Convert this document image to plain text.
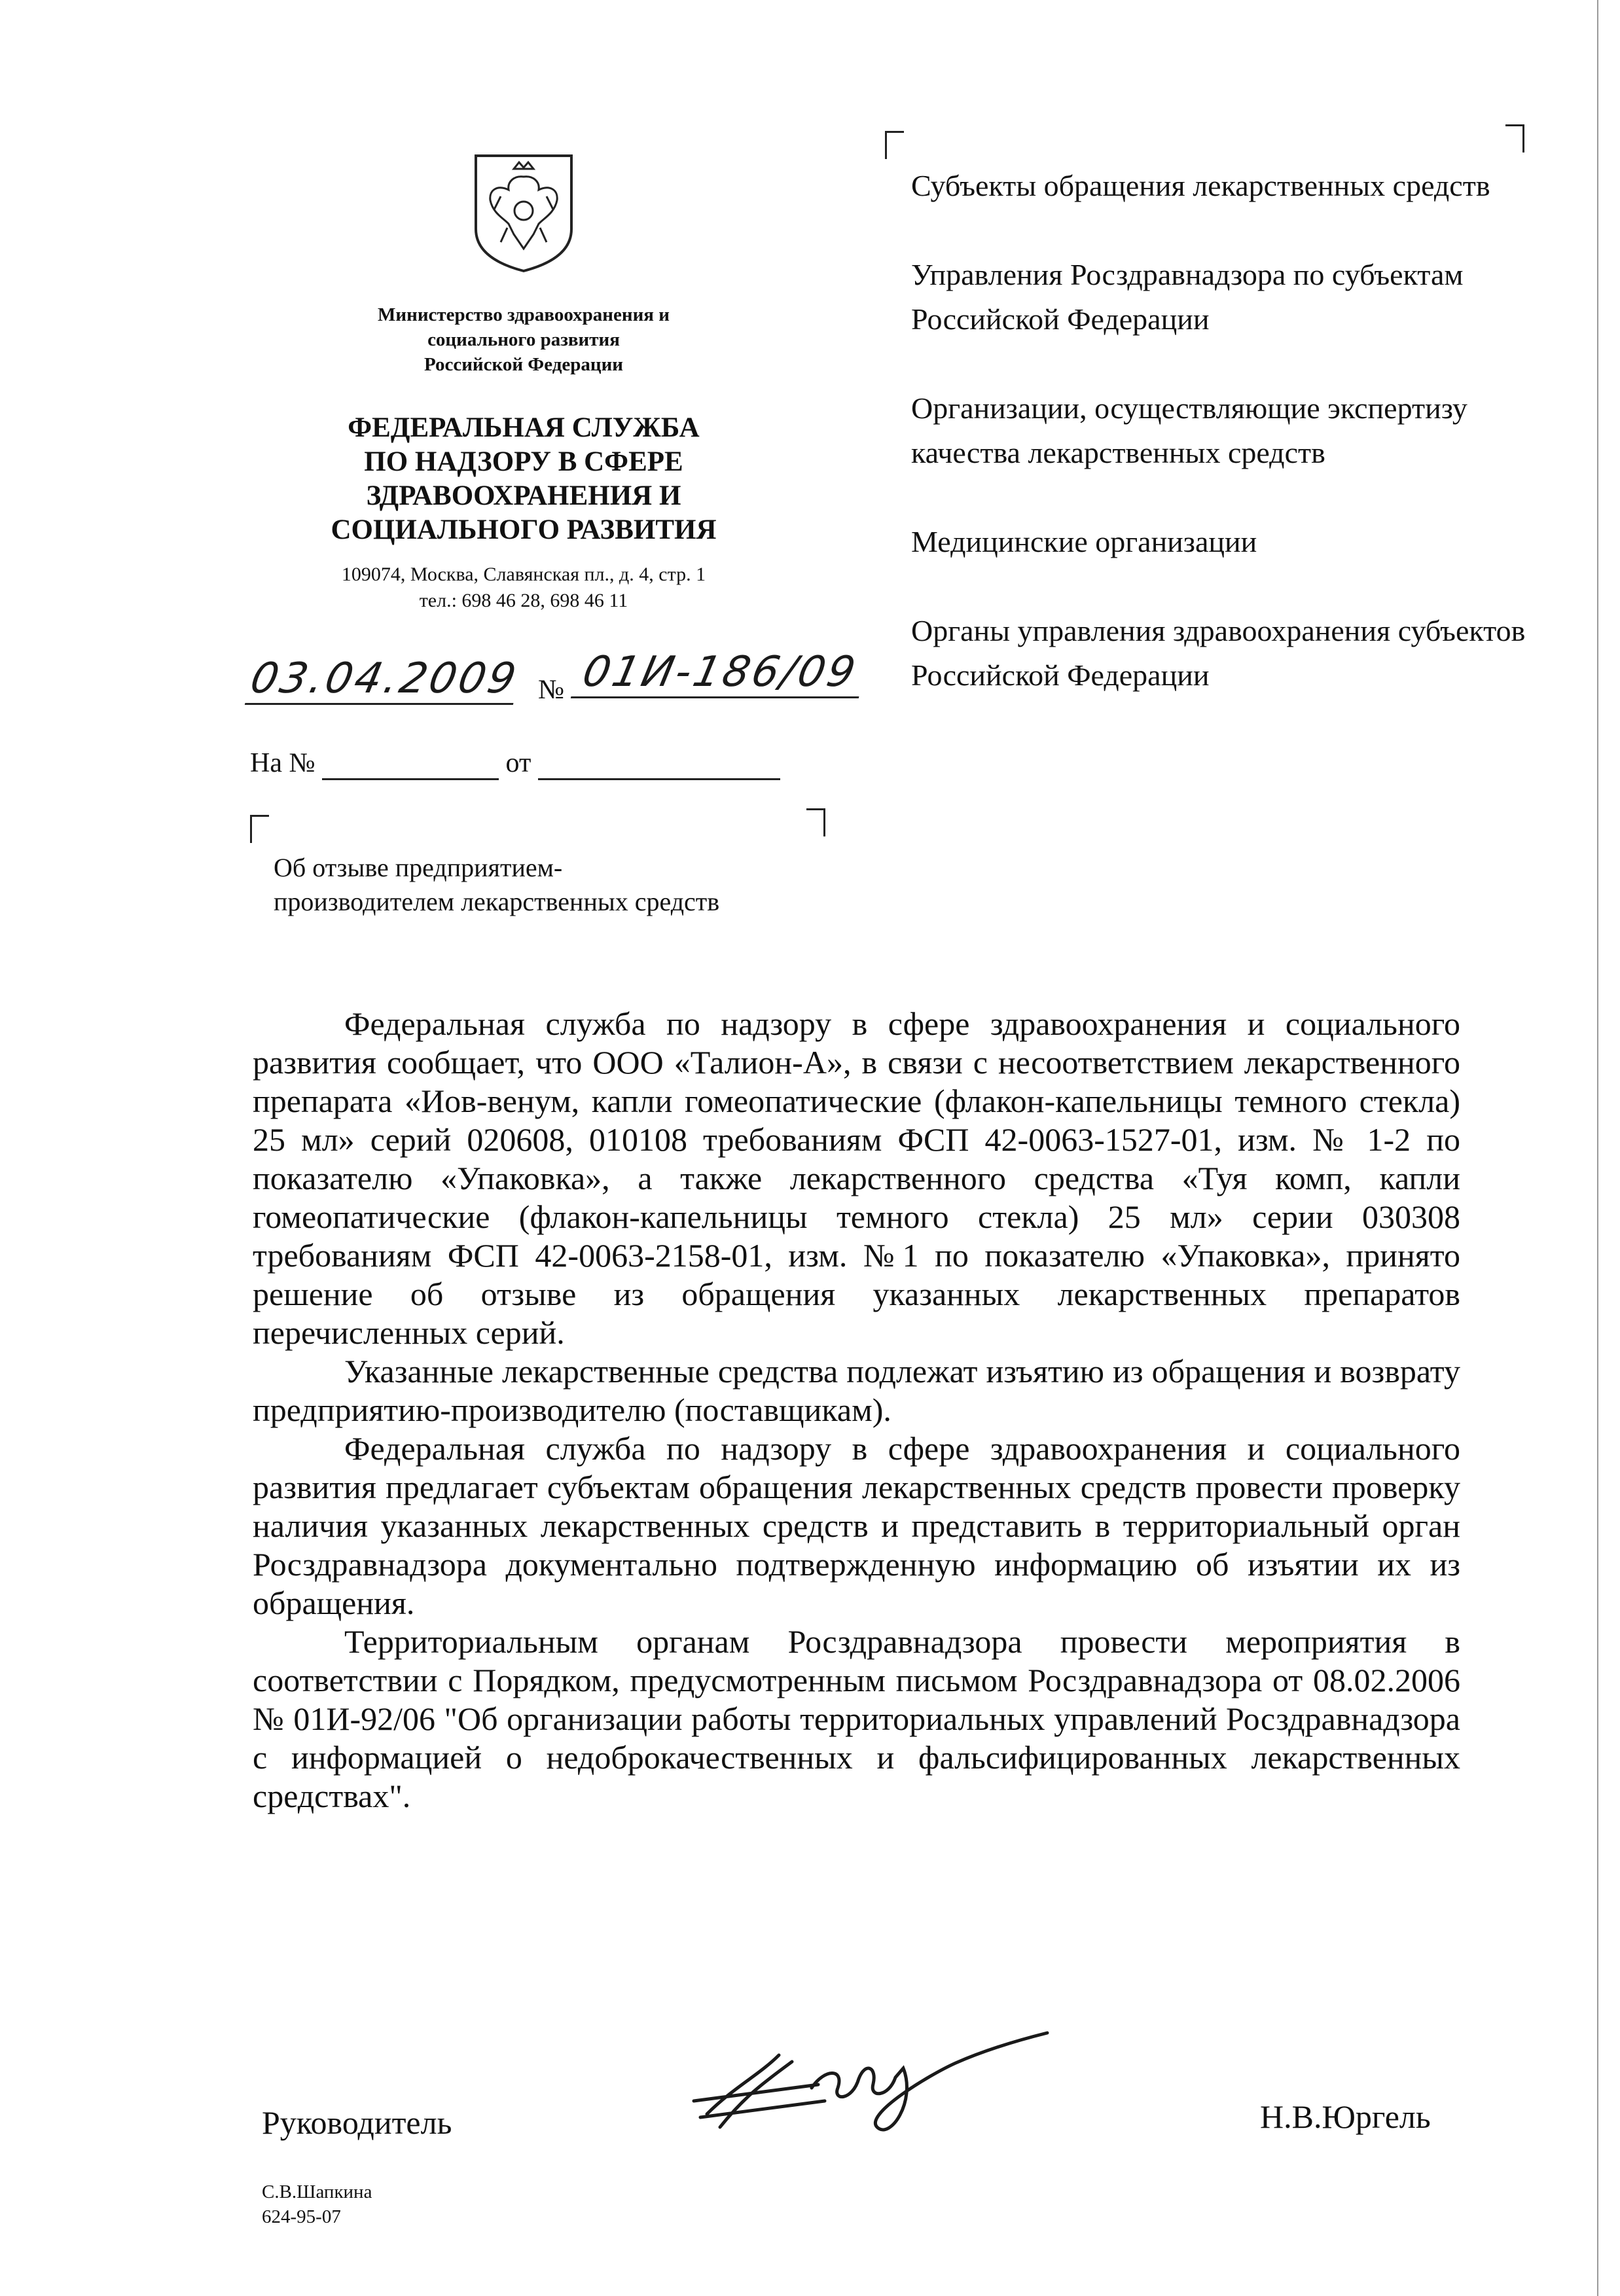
Министерство здравоохранения и
социального развития
Российской Федерации
ФЕДЕРАЛЬНАЯ СЛУЖБА
ПО НАДЗОРУ В СФЕРЕ
ЗДРАВООХРАНЕНИЯ И
СОЦИАЛЬНОГО РАЗВИТИЯ
109074, Москва, Славянская пл., д. 4, стр. 1
тел.: 698 46 28, 698 46 11
03.04.2009 № 01И-186/09
На №	от
Об отзыве предприятием-
производителем лекарственных средств
Субъекты обращения лекарственных средств
Управления Росздравнадзора по субъектам Российской Федерации
Организации, осуществляющие экспертизу качества лекарственных средств
Медицинские организации
Органы управления здравоохранения субъектов Российской Федерации

Федеральная служба по надзору в сфере здравоохранения и социального развития сообщает, что ООО «Талион-А», в связи с несоответствием лекарственного препарата «Иов-венум, капли гомеопатические (флакон-капельницы темного стекла) 25 мл» серий 020608, 010108 требованиям ФСП 42-0063-1527-01, изм. № 1-2 по показателю «Упаковка», а также лекарственного средства «Туя комп, капли гомеопатические (флакон-капельницы темного стекла) 25 мл» серии 030308 требованиям ФСП 42-0063-2158-01, изм. №1 по показателю «Упаковка», принято решение об отзыве из обращения указанных лекарственных препаратов перечисленных серий.

Указанные лекарственные средства подлежат изъятию из обращения и возврату предприятию-производителю (поставщикам).

Федеральная служба по надзору в сфере здравоохранения и социального развития предлагает субъектам обращения лекарственных средств провести проверку наличия указанных лекарственных средств и представить в территориальный орган Росздравнадзора документально подтвержденную информацию об изъятии их из обращения.

Территориальным органам Росздравнадзора провести мероприятия в соответствии с Порядком, предусмотренным письмом Росздравнадзора от 08.02.2006 № 01И-92/06 "Об организации работы территориальных управлений Росздравнадзора с информацией о недоброкачественных и фальсифицированных лекарственных средствах".

Руководитель	Н.В.Юргель
С.В.Шапкина
624-95-07
